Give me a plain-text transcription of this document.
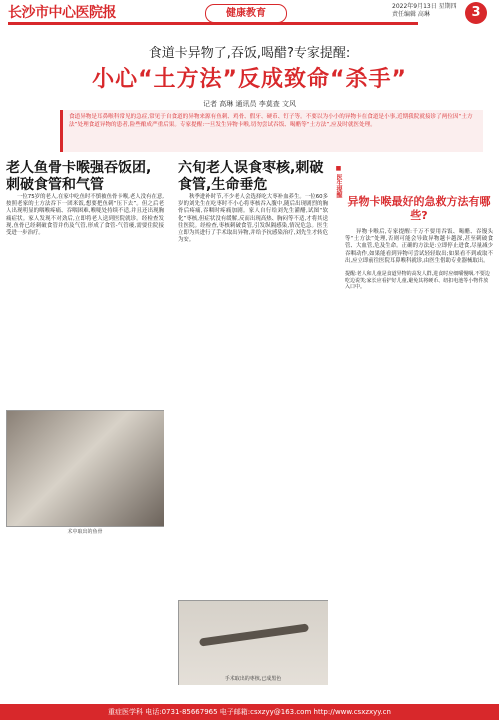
长沙市中心医院报	健康教育
2022年9月13日 星期四
责任编辑 高琳	3
食道卡异物了,吞饭,喝醋?专家提醒:
小心“土方法”反成致命“杀手”
记者 高琳 通讯员 李莫查 文风
食道异物是耳鼻喉科常见的急症,常见于自食道的异物来源有鱼刺、鸡骨、假牙、硬币、钉子等。不要以为小小的异物卡在食道是小事,近期我院就接诊了两位因“土方法”处理食道异物的患者,险些酿成严重后果。专家提醒:一旦发生异物卡喉,切勿尝试吞饭、喝醋等“土方法”,应及时就医处理。
老人鱼骨卡喉强吞饭团,刺破食管和气管
一位75岁的老人,在家中吃鱼时不慎被鱼骨卡喉,老人没有在意,按照老家的土方法吞下一团米饭,想要把鱼刺“压下去”。但之后老人出现明显的咽喉疼痛、吞咽困难,喉咙处持续不适,并且还出现胸痛症状。家人发现不对劲后,立即将老人送到医院就诊。经检查发现,鱼骨已经刺破食管并伤及气管,形成了食管-气管瘘,需要住院接受进一步治疗。
术中取出的鱼骨
六旬老人误食枣核,刺破食管,生命垂危
秋季进补时节,不少老人会选择吃大枣补血养生。一位60多岁的刘先生在吃枣时不小心将枣核吞入腹中,随后出现剧烈的胸骨后疼痛,吞咽时疼痛加剧。家人自行给刘先生灌醋,试图“软化”枣核,但症状没有缓解,反而出现高热、胸闷等不适,才将其送往医院。经检查,枣核刺破食管,引发纵隔感染,情况危急。医生立即为其进行了手术取出异物,并给予抗感染治疗,刘先生才转危为安。
手术取出的枣核,已成黑色
■ 医生提醒
异物卡喉最好的急救方法有哪些?
异物卡喉后,专家提醒:千万不要用吞饭、喝醋、吞馒头等“土方法”处理,否则可能会导致异物越卡越深,甚至刺破食管、大血管,危及生命。正确的方法是:立即停止进食,尽量减少吞咽动作,如果能看到异物可尝试轻轻取出;如果看不到或取不出,应立即前往医院耳鼻喉科就诊,由医生借助专业器械取出。
提醒:老人和儿童是食道异物的高发人群,进食时应细嚼慢咽,不要边吃边说笑;家长应看护好儿童,避免其将硬币、纽扣电池等小物件放入口中。
重症医学科 电话:0731-85667965 电子邮箱:csxzyy@163.com http://www.csxzxyy.cn
